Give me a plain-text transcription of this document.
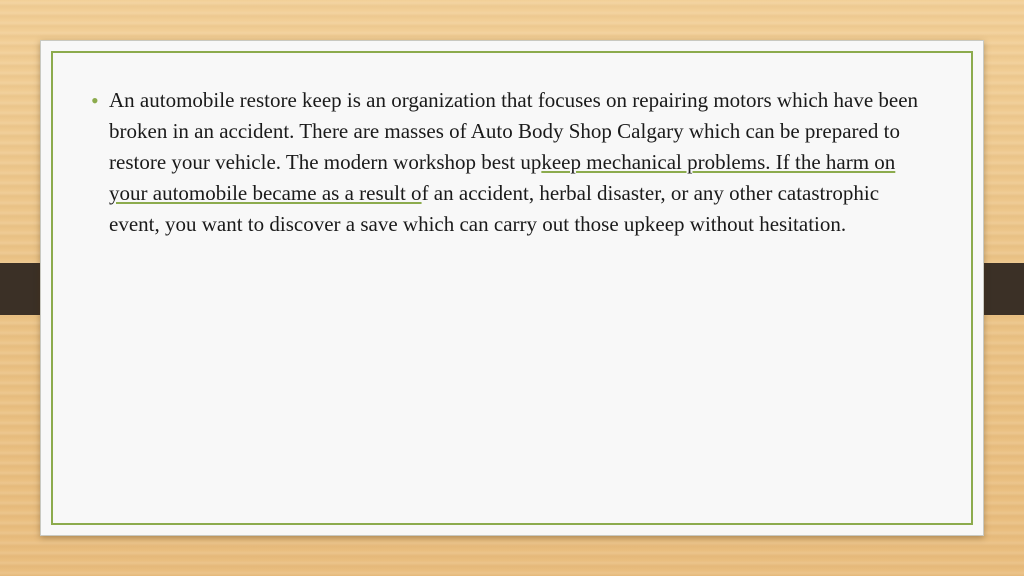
• An automobile restore keep is an organization that focuses on repairing motors which have been broken in an accident. There are masses of Auto Body Shop Calgary which can be prepared to restore your vehicle. The modern workshop best upkeep mechanical problems. If the harm on your automobile became as a result of an accident, herbal disaster, or any other catastrophic event, you want to discover a save which can carry out those upkeep without hesitation.
